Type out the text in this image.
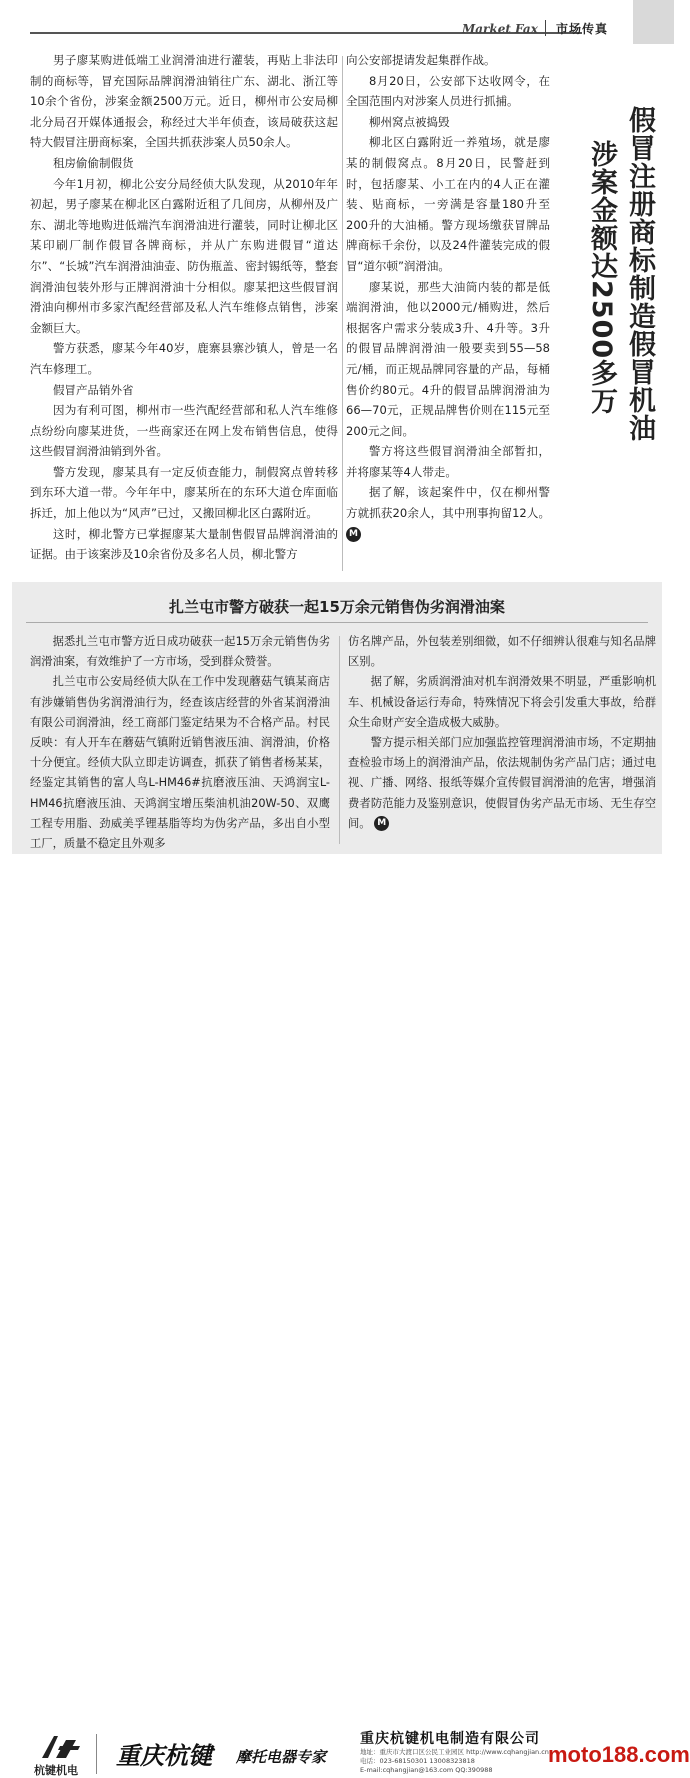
Market Fax 市场传真

男子廖某购进低端工业润滑油进行灌装，再贴上非法印制的商标等，冒充国际品牌润滑油销往广东、湖北、浙江等10余个省份，涉案金额2500万元。近日，柳州市公安局柳北分局召开媒体通报会，称经过大半年侦查，该局破获这起特大假冒注册商标案，全国共抓获涉案人员50余人。

租房偷偷制假货

今年1月初，柳北公安分局经侦大队发现，从2010年年初起，男子廖某在柳北区白露附近租了几间房，从柳州及广东、湖北等地购进低端汽车润滑油进行灌装，同时让柳北区某印刷厂制作假冒各牌商标，并从广东购进假冒“道达尔”、“长城”汽车润滑油油壶、防伪瓶盖、密封锡纸等，整套润滑油包装外形与正牌润滑油十分相似。廖某把这些假冒润滑油向柳州市多家汽配经营部及私人汽车维修点销售，涉案金额巨大。

警方获悉，廖某今年40岁，鹿寨县寨沙镇人，曾是一名汽车修理工。

假冒产品销外省

因为有利可图，柳州市一些汽配经营部和私人汽车维修点纷纷向廖某进货，一些商家还在网上发布销售信息，使得这些假冒润滑油销到外省。

警方发现，廖某具有一定反侦查能力，制假窝点曾转移到东环大道一带。今年年中，廖某所在的东环大道仓库面临拆迁，加上他以为“风声”已过，又搬回柳北区白露附近。

这时，柳北警方已掌握廖某大量制售假冒品牌润滑油的证据。由于该案涉及10余省份及多名人员，柳北警方

向公安部提请发起集群作战。

8月20日，公安部下达收网令，在全国范围内对涉案人员进行抓捕。

柳州窝点被捣毁

柳北区白露附近一养殖场，就是廖某的制假窝点。8月20日，民警赶到时，包括廖某、小工在内的4人正在灌装、贴商标，一旁满是容量180升至200升的大油桶。警方现场缴获冒牌品牌商标千余份，以及24件灌装完成的假冒“道尔顿”润滑油。

廖某说，那些大油筒内装的都是低端润滑油，他以2000元/桶购进，然后根据客户需求分装成3升、4升等。3升的假冒品牌润滑油一般要卖到55—58元/桶，而正规品牌同容量的产品，每桶售价约80元。4升的假冒品牌润滑油为66—70元，正规品牌售价则在115元至200元之间。

警方将这些假冒润滑油全部暂扣，并将廖某等4人带走。

据了解，该起案件中，仅在柳州警方就抓获20余人，其中刑事拘留12人。 M

假冒注册商标制造假冒机油
涉案金额达2500多万
扎兰屯市警方破获一起15万余元销售伪劣润滑油案

据悉扎兰屯市警方近日成功破获一起15万余元销售伪劣润滑油案，有效维护了一方市场，受到群众赞誉。

扎兰屯市公安局经侦大队在工作中发现蘑菇气镇某商店有涉嫌销售伪劣润滑油行为，经查该店经营的外省某润滑油有限公司润滑油，经工商部门鉴定结果为不合格产品。村民反映：有人开车在蘑菇气镇附近销售液压油、润滑油，价格十分便宜。经侦大队立即走访调查，抓获了销售者杨某某，经鉴定其销售的富人鸟L-HM46#抗磨液压油、天鸿润宝L-HM46抗磨液压油、天鸿润宝增压柴油机油20W-50、双鹰工程专用脂、劲威美孚锂基脂等均为伪劣产品，多出自小型工厂，质量不稳定且外观多

仿名牌产品，外包装差别细微，如不仔细辨认很难与知名品牌区别。

据了解，劣质润滑油对机车润滑效果不明显，严重影响机车、机械设备运行寿命，特殊情况下将会引发重大事故，给群众生命财产安全造成极大威胁。

警方提示相关部门应加强监控管理润滑油市场，不定期抽查检验市场上的润滑油产品，依法规制伪劣产品门店；通过电视、广播、网络、报纸等媒介宣传假冒润滑油的危害，增强消费者防范能力及鉴别意识，使假冒伪劣产品无市场、无生存空间。 M

杭键机电
重庆杭键 摩托电器专家
重庆杭键机电制造有限公司
地址：重庆市大渡口区公民工业园区 http://www.cqhangjian.cn
电话：023-68150301 13008323818
E-mail:cqhangjian@163.com QQ:390988
moto188.com
